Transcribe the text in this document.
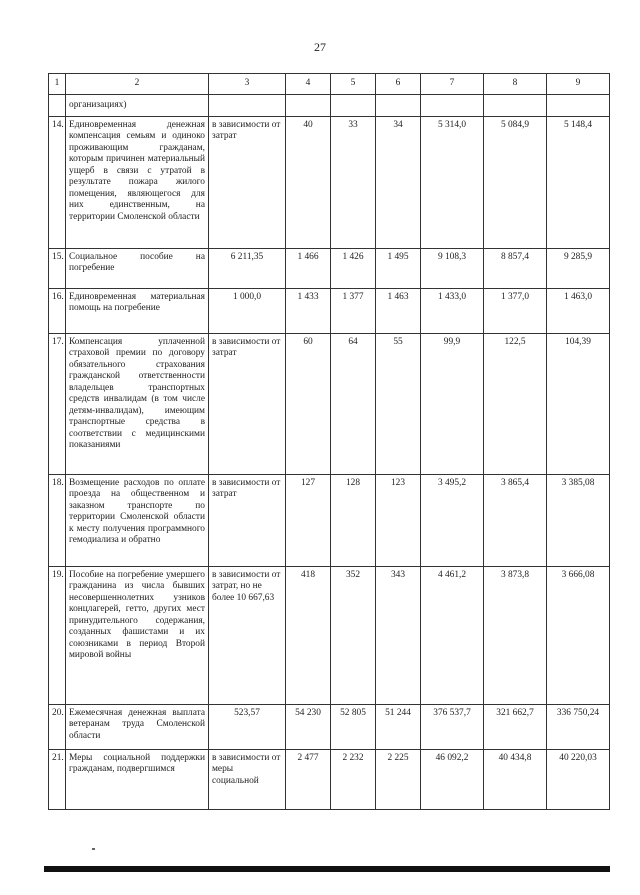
27
1	2	3	4	5	6	7	8	9
	организациях)							
14.	Единовременная денежная компенсация семьям и одиноко проживающим гражданам, которым причинен материальный ущерб в связи с утратой в результате пожара жилого помещения, являющегося для них единственным, на территории Смоленской области	в зависимости от затрат	40	33	34	5 314,0	5 084,9	5 148,4
15.	Социальное пособие на погребение	6 211,35	1 466	1 426	1 495	9 108,3	8 857,4	9 285,9
16.	Единовременная материальная помощь на погребение	1 000,0	1 433	1 377	1 463	1 433,0	1 377,0	1 463,0
17.	Компенсация уплаченной страховой премии по договору обязательного страхования гражданской ответственности владельцев транспортных средств инвалидам (в том числе детям-инвалидам), имеющим транспортные средства в соответствии с медицинскими показаниями	в зависимости от затрат	60	64	55	99,9	122,5	104,39
18.	Возмещение расходов по оплате проезда на общественном и заказном транспорте по территории Смоленской области к месту получения программного гемодиализа и обратно	в зависимости от затрат	127	128	123	3 495,2	3 865,4	3 385,08
19.	Пособие на погребение умершего гражданина из числа бывших несовершеннолетних узников концлагерей, гетто, других мест принудительного содержания, созданных фашистами и их союзниками в период Второй мировой войны	в зависимости от затрат, но не более 10 667,63	418	352	343	4 461,2	3 873,8	3 666,08
20.	Ежемесячная денежная выплата ветеранам труда Смоленской области	523,57	54 230	52 805	51 244	376 537,7	321 662,7	336 750,24
21.	Меры социальной поддержки гражданам, подвергшимся	в зависимости от меры социальной	2 477	2 232	2 225	46 092,2	40 434,8	40 220,03
